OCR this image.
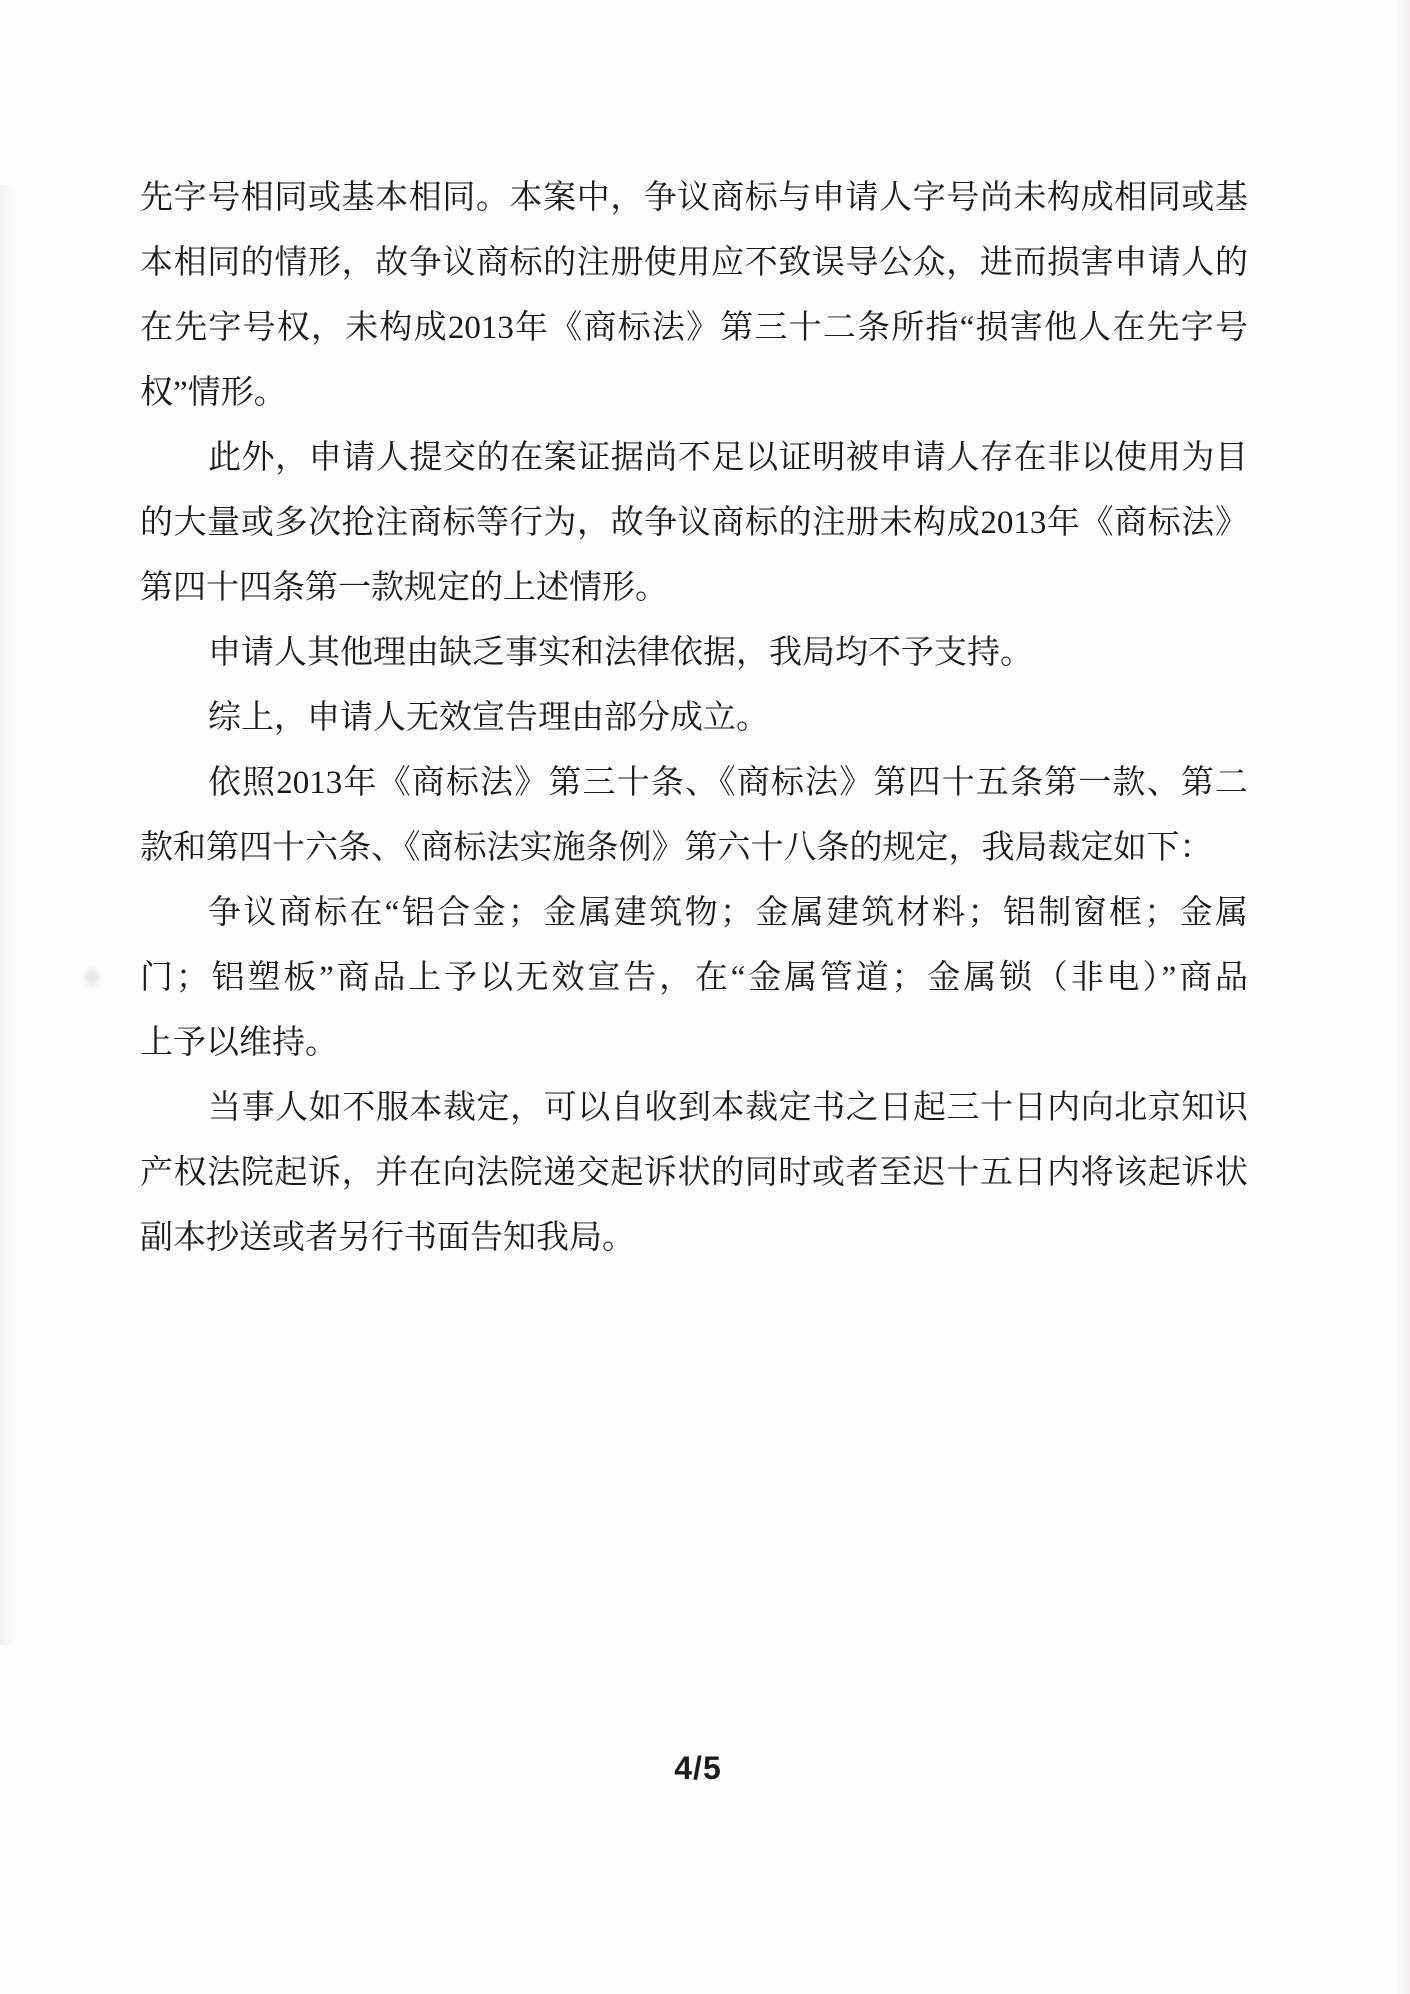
先字号相同或基本相同。本案中，争议商标与申请人字号尚未构成相同或基

本相同的情形，故争议商标的注册使用应不致误导公众，进而损害申请人的

在先字号权，未构成2013年《商标法》第三十二条所指“损害他人在先字号

权”情形。

此外，申请人提交的在案证据尚不足以证明被申请人存在非以使用为目

的大量或多次抢注商标等行为，故争议商标的注册未构成2013年《商标法》

第四十四条第一款规定的上述情形。

申请人其他理由缺乏事实和法律依据，我局均不予支持。

综上，申请人无效宣告理由部分成立。

依照2013年《商标法》第三十条、《商标法》第四十五条第一款、第二

款和第四十六条、《商标法实施条例》第六十八条的规定，我局裁定如下：

争议商标在“铝合金；金属建筑物；金属建筑材料；铝制窗框；金属

门；铝塑板”商品上予以无效宣告，在“金属管道；金属锁（非电）”商品

上予以维持。

当事人如不服本裁定，可以自收到本裁定书之日起三十日内向北京知识

产权法院起诉，并在向法院递交起诉状的同时或者至迟十五日内将该起诉状

副本抄送或者另行书面告知我局。

4/5
